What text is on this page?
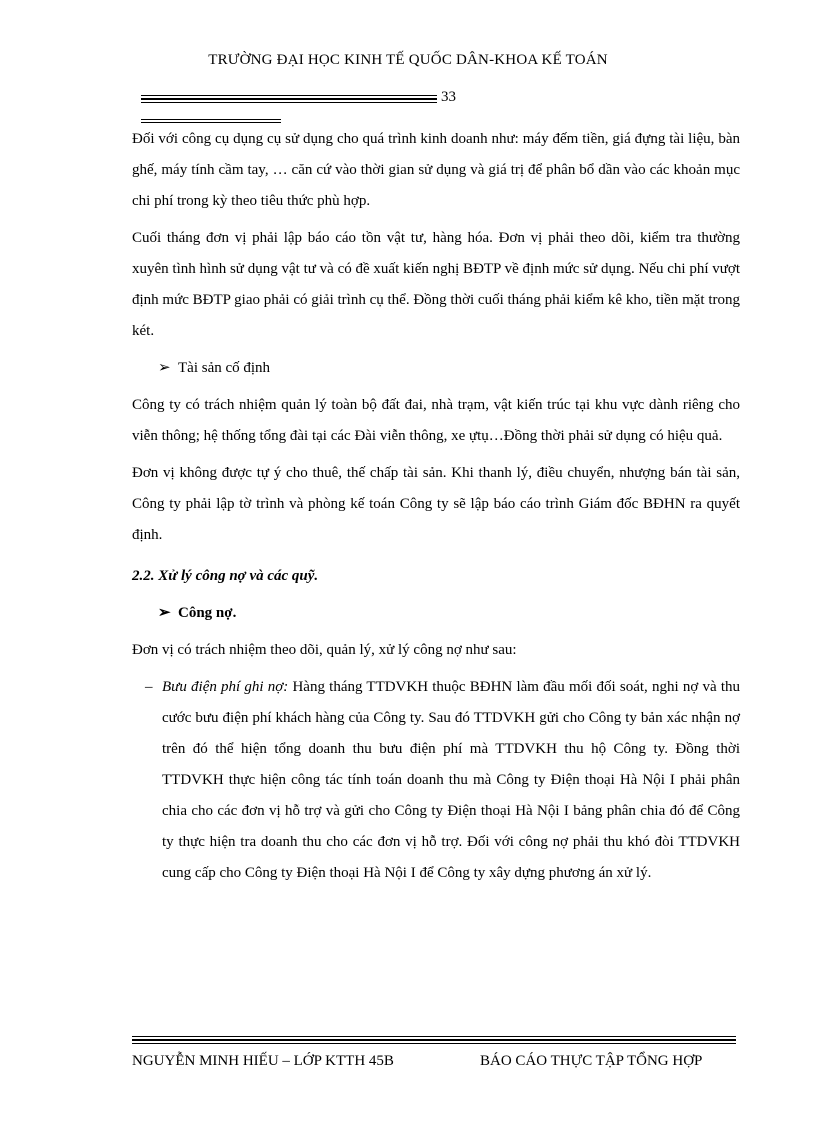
TRƯỜNG ĐẠI HỌC KINH TẾ QUỐC DÂN-KHOA KẾ TOÁN
33

Đối với công cụ dụng cụ sử dụng cho quá trình kinh doanh như: máy đếm tiền, giá đựng tài liệu, bàn ghế, máy tính cầm tay, … căn cứ vào thời gian sử dụng và giá trị để phân bổ dần vào các khoản mục chi phí trong kỳ theo tiêu thức phù hợp.

Cuối tháng đơn vị phải lập báo cáo tồn vật tư, hàng hóa. Đơn vị phải theo dõi, kiểm tra thường xuyên tình hình sử dụng vật tư và có đề xuất kiến nghị BĐTP về định mức sử dụng. Nếu chi phí vượt định mức BĐTP giao phải có giải trình cụ thể. Đồng thời cuối tháng phải kiểm kê kho, tiền mặt trong két.

➢ Tài sản cố định

Công ty có trách nhiệm quản lý toàn bộ đất đai, nhà trạm, vật kiến trúc tại khu vực dành riêng cho viễn thông; hệ thống tổng đài tại các Đài viễn thông, xe ựtụ…Đồng thời phải sử dụng có hiệu quả.

Đơn vị không được tự ý cho thuê, thế chấp tài sản. Khi thanh lý, điều chuyển, nhượng bán tài sản, Công ty phải lập tờ trình và phòng kế toán Công ty sẽ lập báo cáo trình Giám đốc BĐHN ra quyết định.

2.2. Xử lý công nợ và các quỹ.

➢ Công nợ.

Đơn vị có trách nhiệm theo dõi, quản lý, xử lý công nợ như sau:

– Bưu điện phí ghi nợ: Hàng tháng TTDVKH thuộc BĐHN làm đầu mối đối soát, nghi nợ và thu cước bưu điện phí khách hàng của Công ty. Sau đó TTDVKH gửi cho Công ty bản xác nhận nợ trên đó thể hiện tổng doanh thu bưu điện phí mà TTDVKH thu hộ Công ty. Đồng thời TTDVKH thực hiện công tác tính toán doanh thu mà Công ty Điện thoại Hà Nội I phải phân chia cho các đơn vị hỗ trợ và gửi cho Công ty Điện thoại Hà Nội I bảng phân chia đó để Công ty thực hiện tra doanh thu cho các đơn vị hỗ trợ. Đối với công nợ phải thu khó đòi TTDVKH cung cấp cho Công ty Điện thoại Hà Nội I để Công ty xây dựng phương án xử lý.

NGUYỄN MINH HIẾU – LỚP KTTH 45B	BÁO CÁO THỰC TẬP TỔNG HỢP
